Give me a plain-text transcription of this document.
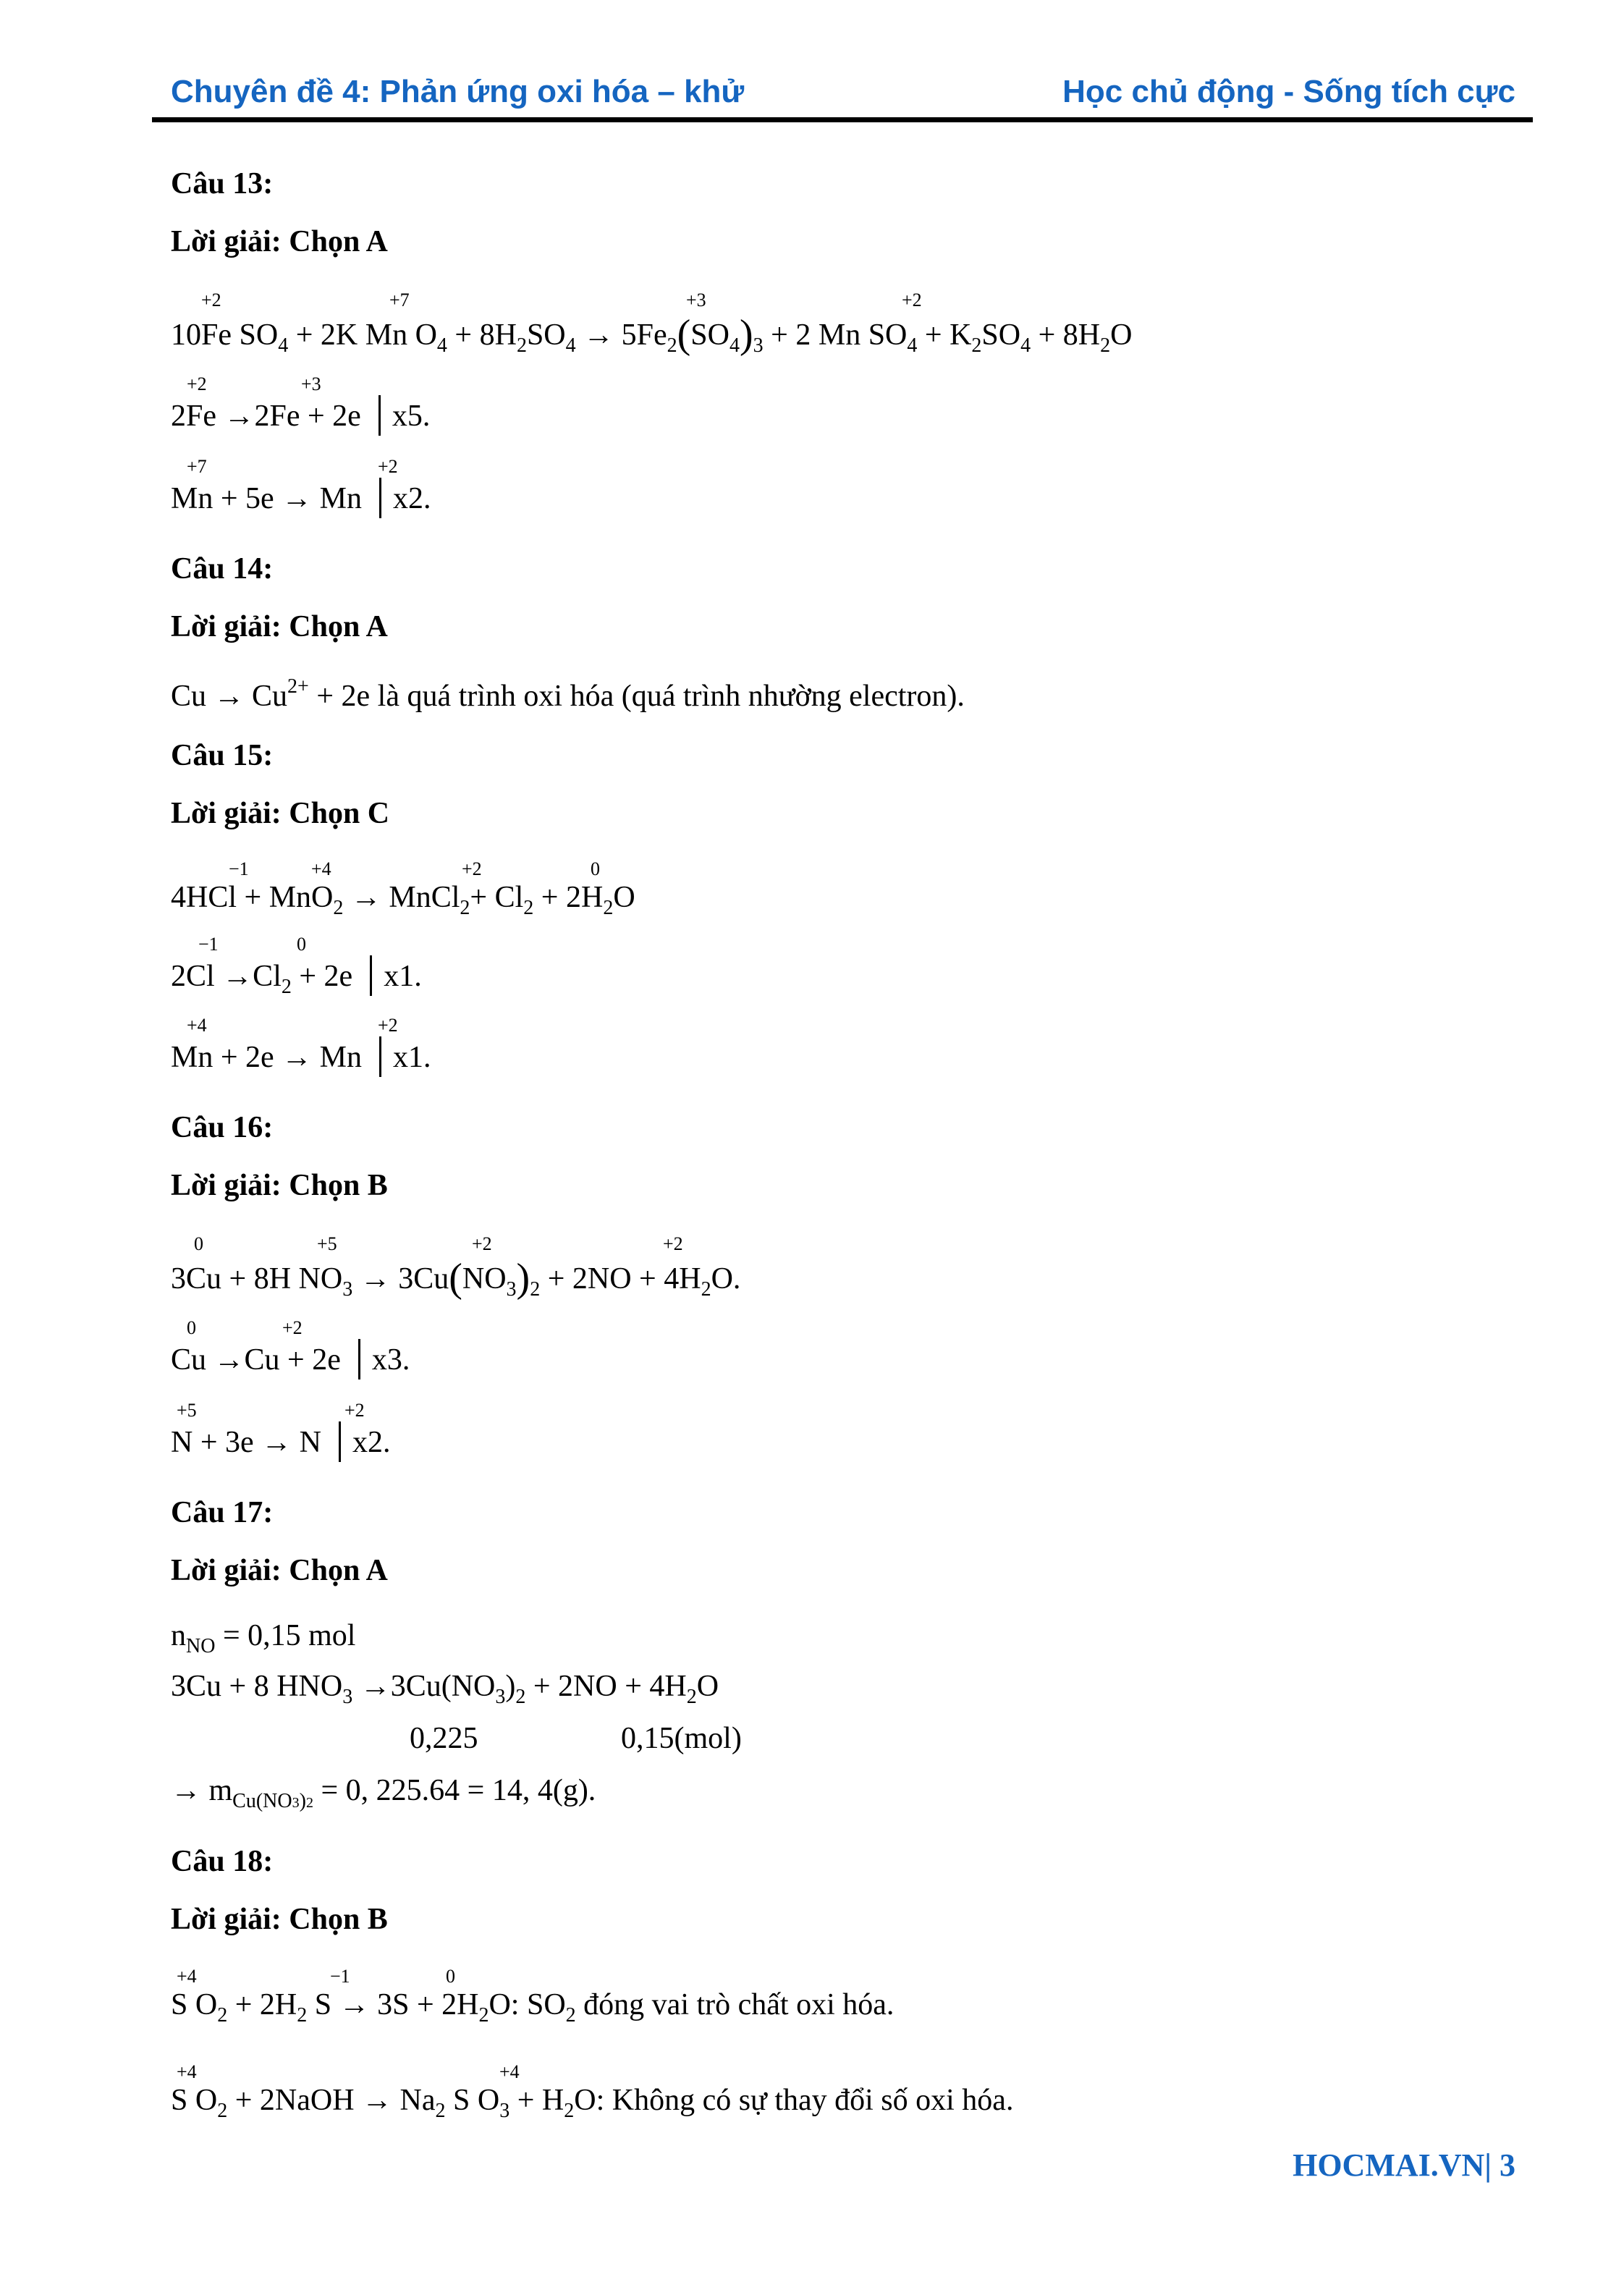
Chuyên đề 4: Phản ứng oxi hóa – khử	Học chủ động - Sống tích cực
Câu 13:
Lời giải: Chọn A
+2	+7	+3	+2
10Fe $SO_4 + 2K$ Mn $O_4 + 8H_2SO_4 \to 5Fe_2(SO_4)_3 + 2$ Mn $SO_4 + K_2SO_4 + 8H_2O$
+2	+3
2Fe →2Fe + 2e x5.
+7	+2
Mn + 5e → Mn x2.
Câu 14:
Lời giải: Chọn A
$Cu \to Cu^{2+} + 2e$ là quá trình oxi hóa (quá trình nhường electron).
Câu 15:
Lời giải: Chọn C
−1	+4	+2	0
4HCl + MnO$_2$ → MnCl$_2$+ $Cl_2 + 2H_2O$
−1	0
$2Cl \to Cl_2 + 2e$ x1.
+4	+2
Mn + 2e → Mn x1.
Câu 16:
Lời giải: Chọn B
0	+5	+2	+2
3Cu + 8H $NO_3 \to 3Cu(NO_3)_2 + 2NO + 4H_2O$.
0	+2
Cu →Cu + 2e x3.
+5	+2
N + 3e → N x2.
Câu 17:
Lời giải: Chọn A
$n_{NO} = 0,15$ mol
3Cu + 8 $HNO_3 \to 3Cu(NO_3)_2 + 2NO + 4H_2O$
0,225	0,15(mol)
→ $m_{Cu(NO3)2} = 0$, 225.64 = 14, 4(g).
Câu 18:
Lời giải: Chọn B
+4	−1	0
S $O_2 + 2H_2$ $S \to 3S + 2H_2O$: $SO_2$ đóng vai trò chất oxi hóa.
+4	+4
S $O_2$ + 2NaOH → $Na_2$ S $O_3 + H_2O$: Không có sự thay đổi số oxi hóa.
HOCMAI.VN| 3
